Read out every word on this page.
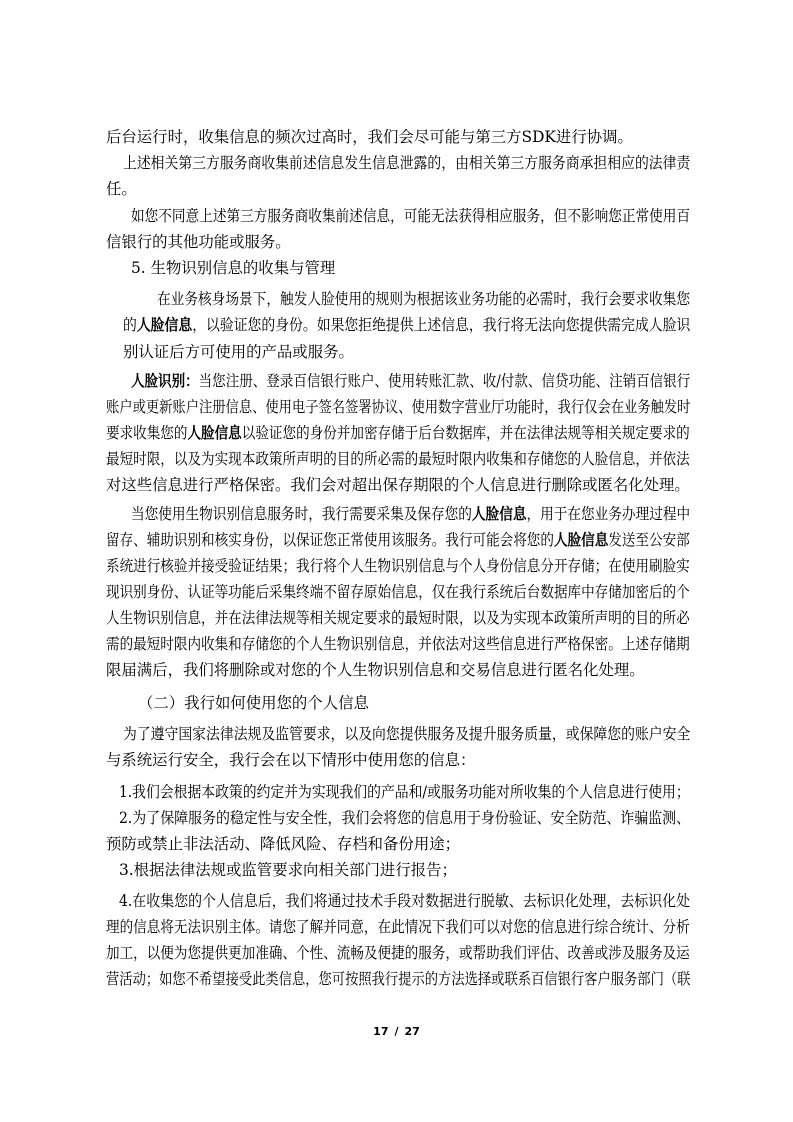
后台运行时，收集信息的频次过高时，我们会尽可能与第三方SDK进行协调。
上述相关第三方服务商收集前述信息发生信息泄露的，由相关第三方服务商承担相应的法律责
任。
如您不同意上述第三方服务商收集前述信息，可能无法获得相应服务，但不影响您正常使用百
信银行的其他功能或服务。
5. 生物识别信息的收集与管理
在业务核身场景下，触发人脸使用的规则为根据该业务功能的必需时，我行会要求收集您
的人脸信息，以验证您的身份。如果您拒绝提供上述信息，我行将无法向您提供需完成人脸识
别认证后方可使用的产品或服务。
人脸识别：当您注册、登录百信银行账户、使用转账汇款、收/付款、信贷功能、注销百信银行
账户或更新账户注册信息、使用电子签名签署协议、使用数字营业厅功能时，我行仅会在业务触发时
要求收集您的人脸信息以验证您的身份并加密存储于后台数据库，并在法律法规等相关规定要求的
最短时限，以及为实现本政策所声明的目的所必需的最短时限内收集和存储您的人脸信息，并依法
对这些信息进行严格保密。我们会对超出保存期限的个人信息进行删除或匿名化处理。
当您使用生物识别信息服务时，我行需要采集及保存您的人脸信息，用于在您业务办理过程中
留存、辅助识别和核实身份，以保证您正常使用该服务。我行可能会将您的人脸信息发送至公安部
系统进行核验并接受验证结果；我行将个人生物识别信息与个人身份信息分开存储；在使用刷脸实
现识别身份、认证等功能后采集终端不留存原始信息，仅在我行系统后台数据库中存储加密后的个
人生物识别信息，并在法律法规等相关规定要求的最短时限，以及为实现本政策所声明的目的所必
需的最短时限内收集和存储您的个人生物识别信息，并依法对这些信息进行严格保密。上述存储期
限届满后，我们将删除或对您的个人生物识别信息和交易信息进行匿名化处理。
（二）我行如何使用您的个人信息
为了遵守国家法律法规及监管要求，以及向您提供服务及提升服务质量，或保障您的账户安全
与系统运行安全，我行会在以下情形中使用您的信息：
1.我们会根据本政策的约定并为实现我们的产品和/或服务功能对所收集的个人信息进行使用；
2.为了保障服务的稳定性与安全性，我们会将您的信息用于身份验证、安全防范、诈骗监测、
预防或禁止非法活动、降低风险、存档和备份用途；
3.根据法律法规或监管要求向相关部门进行报告；
4.在收集您的个人信息后，我们将通过技术手段对数据进行脱敏、去标识化处理，去标识化处
理的信息将无法识别主体。请您了解并同意，在此情况下我们可以对您的信息进行综合统计、分析
加工，以便为您提供更加准确、个性、流畅及便捷的服务，或帮助我们评估、改善或涉及服务及运
营活动；如您不希望接受此类信息，您可按照我行提示的方法选择或联系百信银行客户服务部门（联
17 / 27
